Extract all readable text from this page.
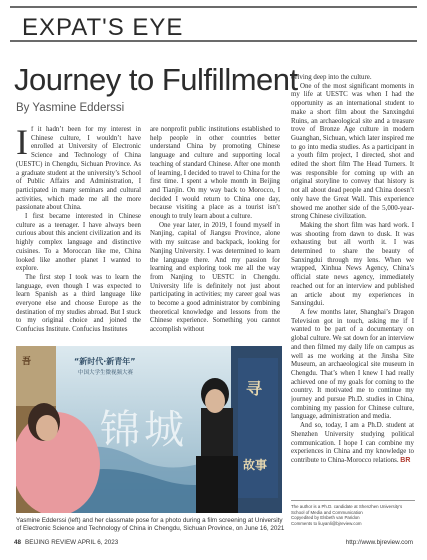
EXPAT'S EYE
Journey to Fulfillment
By Yasmine Edderssi

If it hadn’t been for my interest in Chinese culture, I wouldn’t have enrolled at University of Electronic Science and Technology of China (UESTC) in Chengdu, Sichuan Province. As a graduate student at the university’s School of Public Affairs and Administration, I participated in many seminars and cultural activities, which made me all the more passionate about China.

I first became interested in Chinese culture as a teenager. I have always been curious about this ancient civilization and its highly complex language and distinctive cuisines. To a Moroccan like me, China looked like another planet I wanted to explore.

The first step I took was to learn the language, even though I was expected to learn Spanish as a third language like everyone else and choose Europe as the destination of my studies abroad. But I stuck to my original choice and joined the Confucius Institute. Confucius Institutes

are nonprofit public institutions established to help people in other countries better understand China by promoting Chinese language and culture and supporting local teaching of standard Chinese. After one month of learning, I decided to travel to China for the first time. I spent a whole month in Beijing and Tianjin. On my way back to Morocco, I decided I would return to China one day, because visiting a place as a tourist isn’t enough to truly learn about a culture.

One year later, in 2019, I found myself in Nanjing, capital of Jiangsu Province, alone with my suitcase and backpack, looking for Nanjing University. I was determined to learn the language there. And my passion for learning and exploring took me all the way from Nanjing to UESTC in Chengdu. University life is definitely not just about participating in activities; my career goal was to become a good administrator by combining theoretical knowledge and lessons from the Chinese experience. Something you cannot accomplish without

delving deep into the culture.

One of the most significant moments in my life at UESTC was when I had the opportunity as an international student to make a short film about the Sanxingdui Ruins, an archaeological site and a treasure trove of Bronze Age culture in modern Guanghan, Sichuan, which later inspired me to go into media studies. As a participant in a youth film project, I directed, shot and edited the short film The Head Turners. It was responsible for coming up with an original storyline to convey that history is not all about dead people and China doesn’t only have the Great Wall. This experience showed me another side of the 5,000-year-strong Chinese civilization.

Making the short film was hard work. I was shooting from dawn to dusk. It was exhausting but all worth it. I was determined to share the beauty of Sanxingdui through my lens. When we wrapped, Xinhua News Agency, China’s official state news agency, immediately reached out for an interview and published an article about my experiences in Sanxingdui.

A few months later, Shanghai’s Dragon Television got in touch, asking me if I wanted to be part of a documentary on global culture. We sat down for an interview and then filmed my daily life on campus as well as me working at the Jinsha Site Museum, an archaeological site museum in Chengdu. That’s when I knew I had really achieved one of my goals for coming to the country. It motivated me to continue my journey and pursue Ph.D. studies in China, combining my passion for Chinese culture, language, administration and media.

And so, today, I am a Ph.D. student at Shenzhen University studying political communication. I hope I can combine my experiences in China and my knowledge to contribute to China-Morocco relations. BR

吾	“新时代·新青年”
中国大学生微视频大赛
锦城
寻
故事
Yasmine Edderssi (left) and her classmate pose for a photo during a film screening at University of Electronic Science and Technology of China in Chengdu, Sichuan Province, on June 16, 2021
The author is a Ph.D. candidate at Shenzhen University’s
School of Media and Communication
Copyedited by Elsbeth van Paridon
Comments to liuyanli@bjreview.com
48 BEIJING REVIEW APRIL 6, 2023	http://www.bjreview.com
